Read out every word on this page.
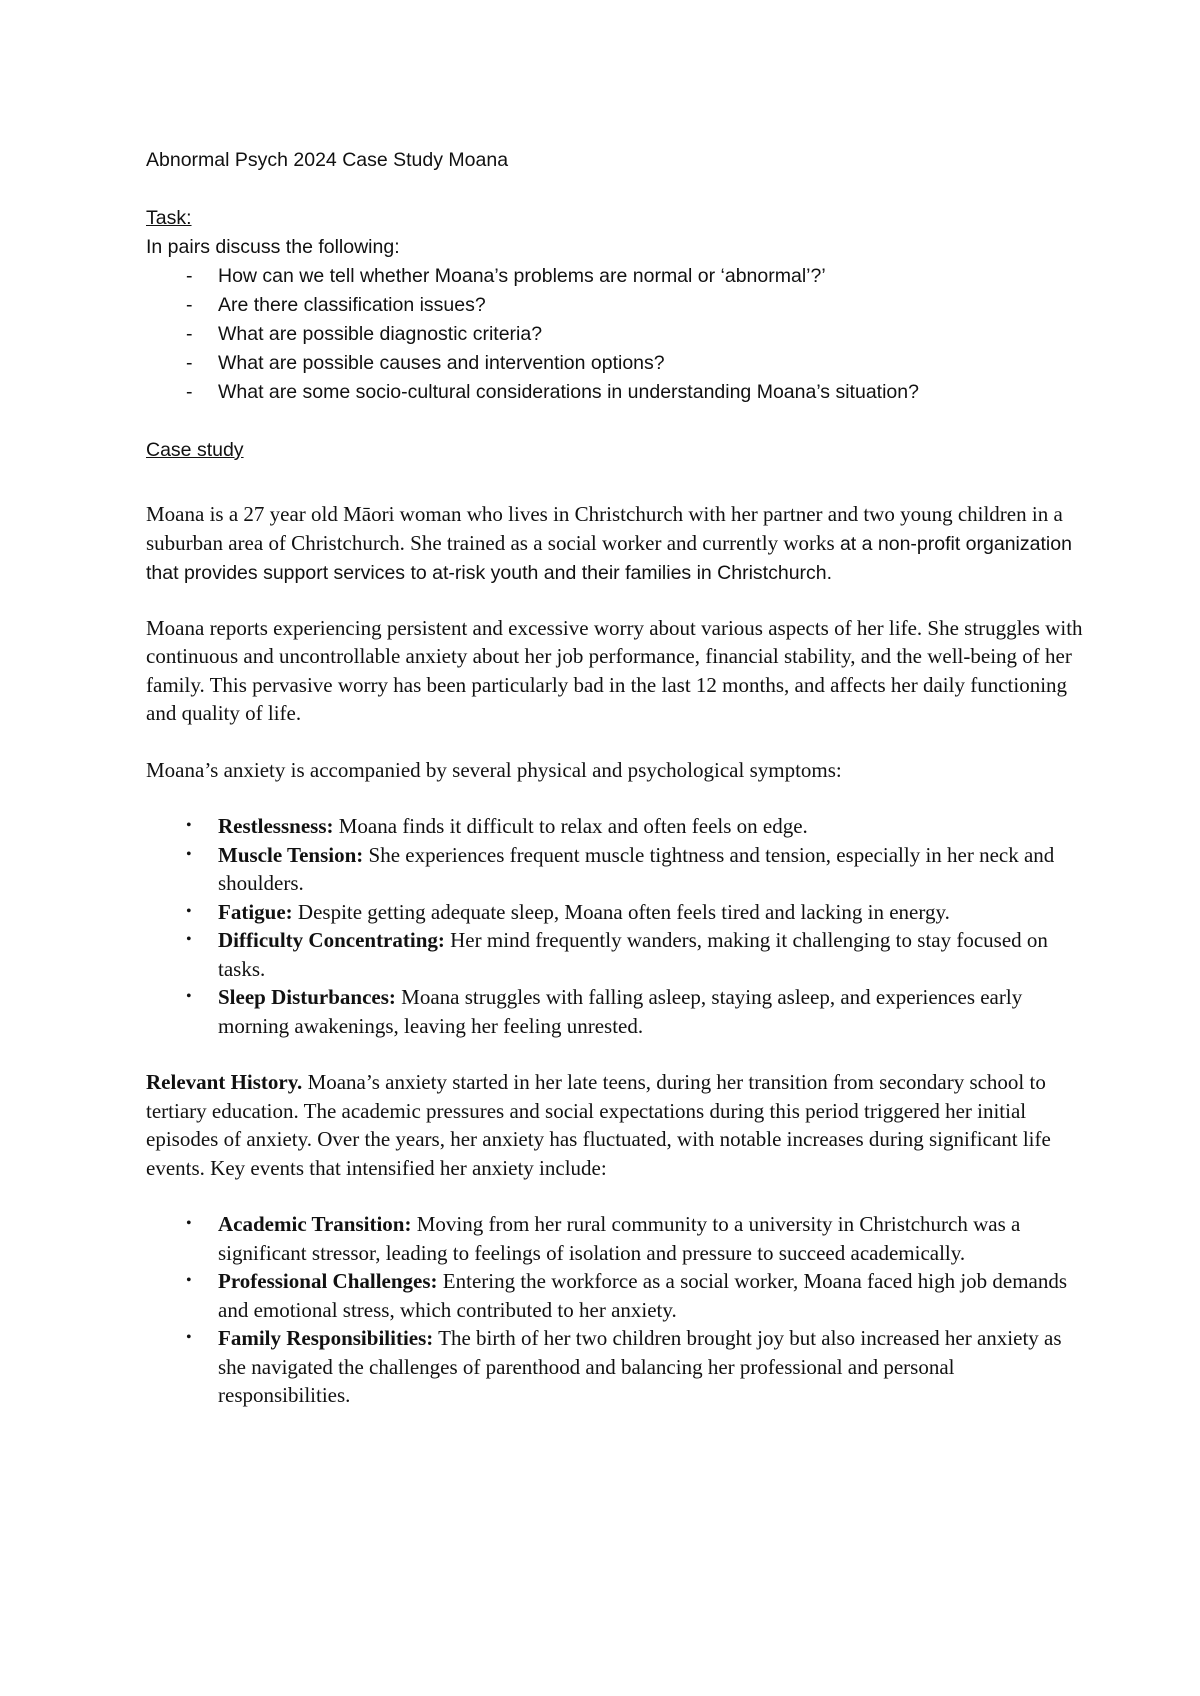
Abnormal Psych 2024 Case Study Moana

Task:

In pairs discuss the following:

- How can we tell whether Moana’s problems are normal or ‘abnormal’?’
- Are there classification issues?
- What are possible diagnostic criteria?
- What are possible causes and intervention options?
- What are some socio-cultural considerations in understanding Moana’s situation?

Case study

Moana is a 27 year old Māori woman who lives in Christchurch with her partner and two young children in a suburban area of Christchurch. She trained as a social worker and currently works at a non-profit organization that provides support services to at-risk youth and their families in Christchurch.

Moana reports experiencing persistent and excessive worry about various aspects of her life. She struggles with continuous and uncontrollable anxiety about her job performance, financial stability, and the well-being of her family. This pervasive worry has been particularly bad in the last 12 months, and affects her daily functioning and quality of life.

Moana’s anxiety is accompanied by several physical and psychological symptoms:

• Restlessness: Moana finds it difficult to relax and often feels on edge.
• Muscle Tension: She experiences frequent muscle tightness and tension, especially in her neck and shoulders.
• Fatigue: Despite getting adequate sleep, Moana often feels tired and lacking in energy.
• Difficulty Concentrating: Her mind frequently wanders, making it challenging to stay focused on tasks.
• Sleep Disturbances: Moana struggles with falling asleep, staying asleep, and experiences early morning awakenings, leaving her feeling unrested.

Relevant History. Moana’s anxiety started in her late teens, during her transition from secondary school to tertiary education. The academic pressures and social expectations during this period triggered her initial episodes of anxiety. Over the years, her anxiety has fluctuated, with notable increases during significant life events. Key events that intensified her anxiety include:

• Academic Transition: Moving from her rural community to a university in Christchurch was a significant stressor, leading to feelings of isolation and pressure to succeed academically.
• Professional Challenges: Entering the workforce as a social worker, Moana faced high job demands and emotional stress, which contributed to her anxiety.
• Family Responsibilities: The birth of her two children brought joy but also increased her anxiety as she navigated the challenges of parenthood and balancing her professional and personal responsibilities.
